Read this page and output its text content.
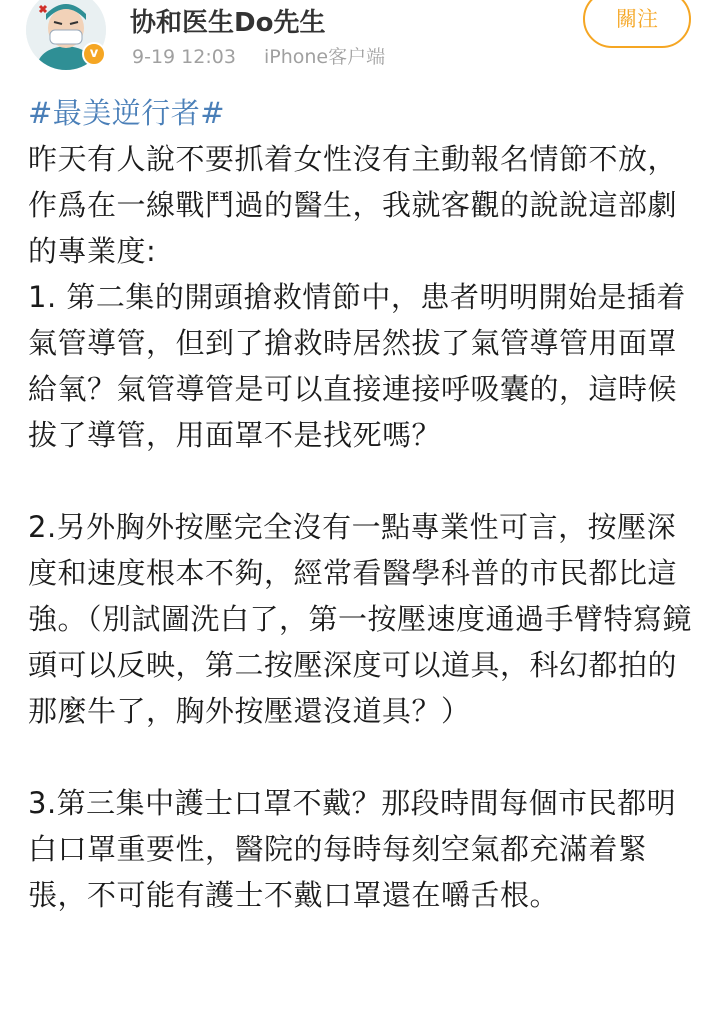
v
协和医生Do先生
9-19 12:03 iPhone客户端
關注
#最美逆行者#

昨天有人說不要抓着女性沒有主動報名情節不放，作爲在一線戰鬥過的醫生，我就客觀的說說這部劇的專業度:

1. 第二集的開頭搶救情節中，患者明明開始是插着氣管導管，但到了搶救時居然拔了氣管導管用面罩給氧？氣管導管是可以直接連接呼吸囊的，這時候拔了導管，用面罩不是找死嗎？

2.另外胸外按壓完全沒有一點專業性可言，按壓深度和速度根本不夠，經常看醫學科普的市民都比這強。（別試圖洗白了，第一按壓速度通過手臂特寫鏡頭可以反映，第二按壓深度可以道具，科幻都拍的那麼牛了，胸外按壓還沒道具？）

3.第三集中護士口罩不戴？那段時間每個市民都明白口罩重要性，醫院的每時每刻空氣都充滿着緊張，不可能有護士不戴口罩還在嚼舌根。
